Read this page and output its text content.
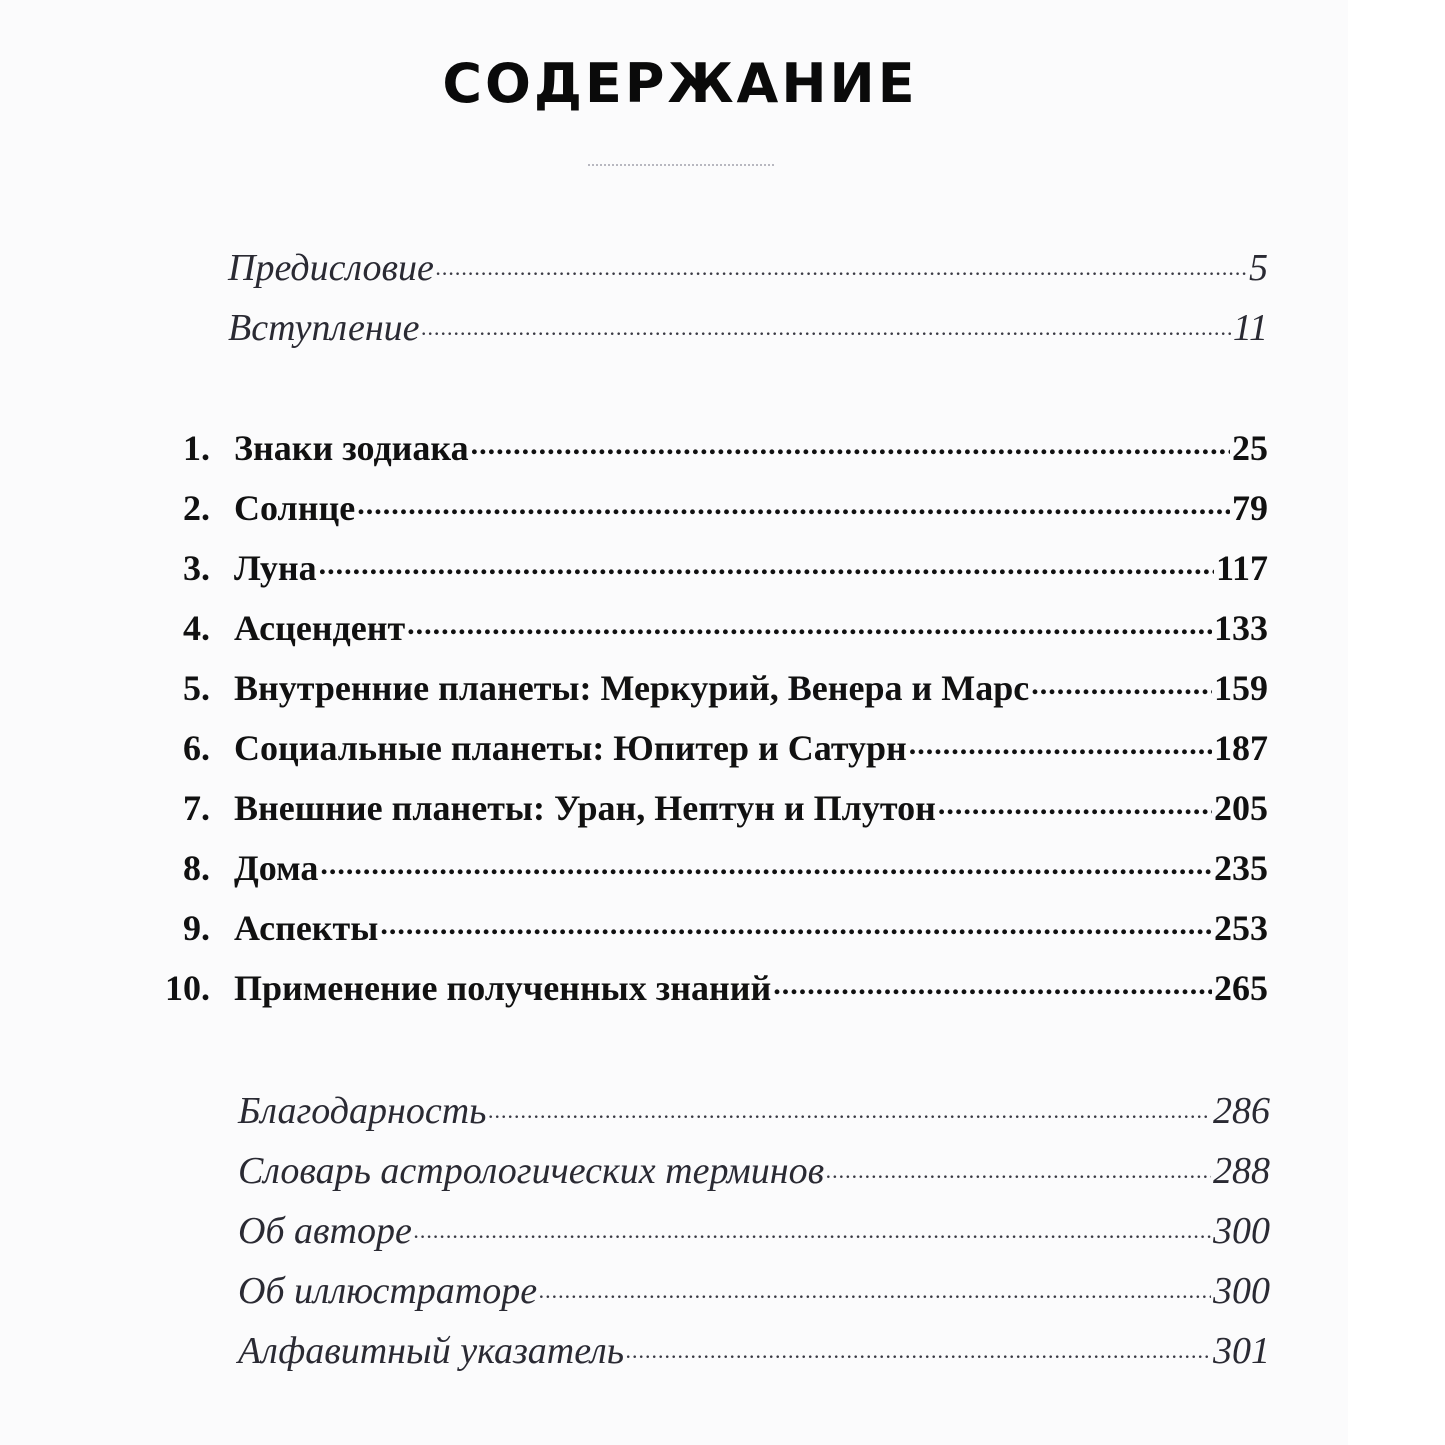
СОДЕРЖАНИЕ
Предисловие .....	5
Вступление .....	11
1. Знаки зодиака .....	25
2. Солнце .....	79
3. Луна .....	117
4. Асцендент .....	133
5. Внутренние планеты: Меркурий, Венера и Марс .....	159
6. Социальные планеты: Юпитер и Сатурн .....	187
7. Внешние планеты: Уран, Нептун и Плутон .....	205
8. Дома .....	235
9. Аспекты .....	253
10. Применение полученных знаний .....	265
Благодарность .....	286
Словарь астрологических терминов .....	288
Об авторе .....	300
Об иллюстраторе .....	300
Алфавитный указатель .....	301
